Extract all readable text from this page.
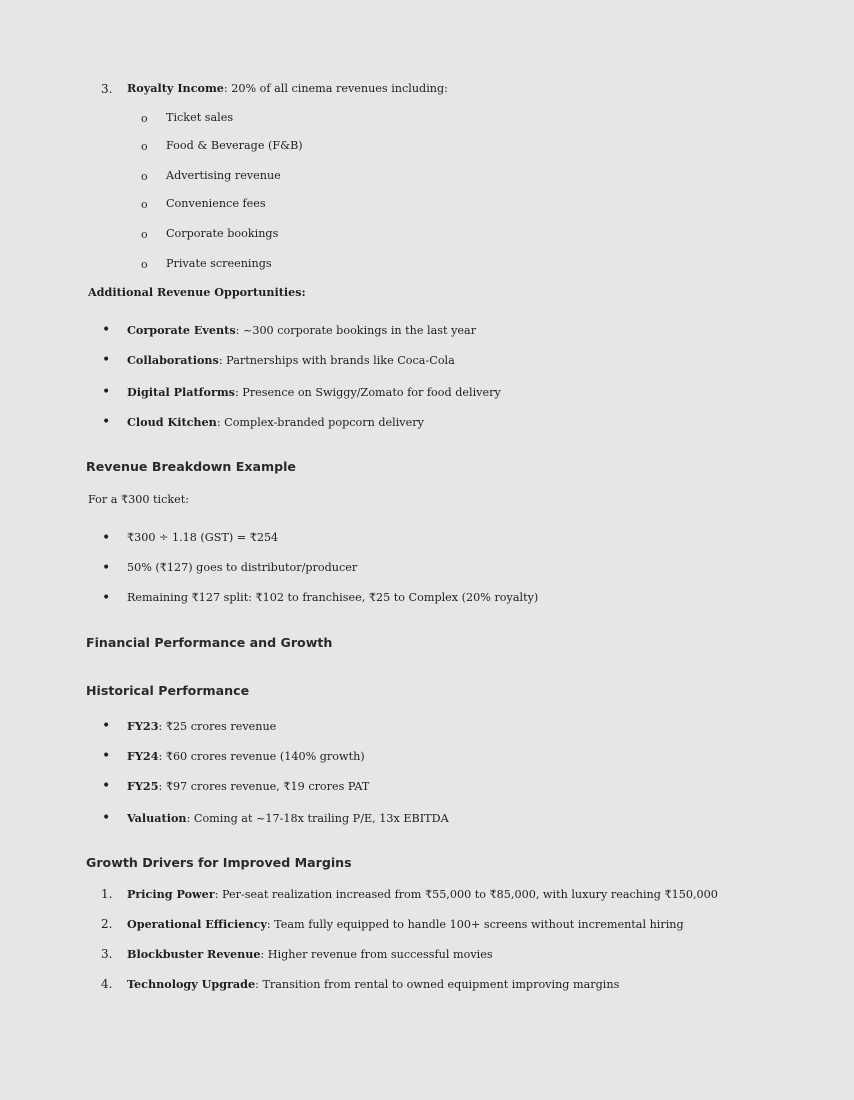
3. Royalty Income: 20% of all cinema revenues including:
o Ticket sales
o Food & Beverage (F&B)
o Advertising revenue
o Convenience fees
o Corporate bookings
o Private screenings
Additional Revenue Opportunities:
• Corporate Events: ~300 corporate bookings in the last year
• Collaborations: Partnerships with brands like Coca-Cola
• Digital Platforms: Presence on Swiggy/Zomato for food delivery
• Cloud Kitchen: Complex-branded popcorn delivery
Revenue Breakdown Example
For a ₹300 ticket:
• ₹300 ÷ 1.18 (GST) = ₹254
• 50% (₹127) goes to distributor/producer
• Remaining ₹127 split: ₹102 to franchisee, ₹25 to Complex (20% royalty)
Financial Performance and Growth
Historical Performance
• FY23: ₹25 crores revenue
• FY24: ₹60 crores revenue (140% growth)
• FY25: ₹97 crores revenue, ₹19 crores PAT
• Valuation: Coming at ~17-18x trailing P/E, 13x EBITDA
Growth Drivers for Improved Margins
1. Pricing Power: Per-seat realization increased from ₹55,000 to ₹85,000, with luxury reaching ₹150,000
2. Operational Efficiency: Team fully equipped to handle 100+ screens without incremental hiring
3. Blockbuster Revenue: Higher revenue from successful movies
4. Technology Upgrade: Transition from rental to owned equipment improving margins
